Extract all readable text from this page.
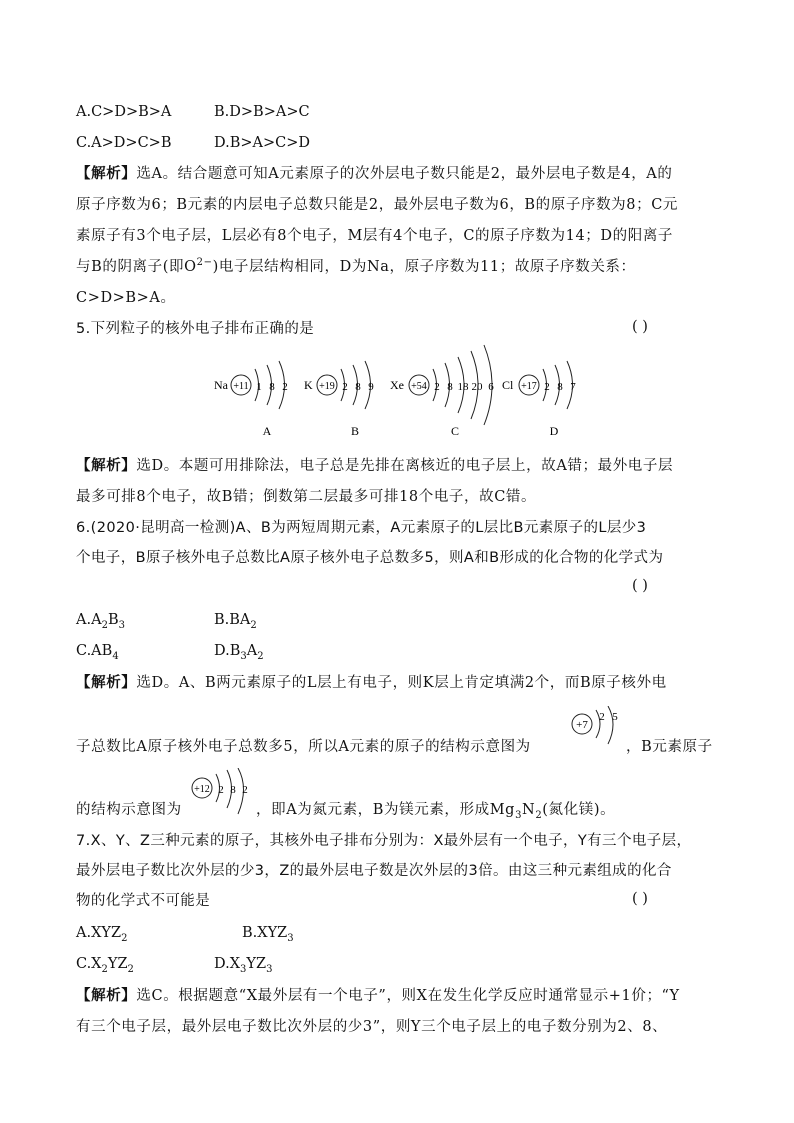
A.C>D>B>A	B.D>B>A>C
C.A>D>C>B	D.B>A>C>D
【解析】选A。结合题意可知A元素原子的次外层电子数只能是2，最外层电子数是4，A的
原子序数为6；B元素的内层电子总数只能是2，最外层电子数为6，B的原子序数为8；C元
素原子有3个电子层，L层必有8个电子，M层有4个电子，C的原子序数为14；D的阳离子
与B的阴离子(即$O^{2-}$)电子层结构相同，D为Na，原子序数为11；故原子序数关系：
C>D>B>A。
5.下列粒子的核外电子排布正确的是	( )
Na +11 1 8 2
A
K +19 2 8 9
B
Xe +54 2 8 18 20 6
C
Cl +17 2 8 7
D
【解析】选D。本题可用排除法，电子总是先排在离核近的电子层上，故A错；最外电子层
最多可排8个电子，故B错；倒数第二层最多可排18个电子，故C错。
6.(2020·昆明高一检测)A、B为两短周期元素，A元素原子的L层比B元素原子的L层少3
个电子，B原子核外电子总数比A原子核外电子总数多5，则A和B形成的化合物的化学式为
( )
$A.A_2B_3$	$B.BA_2$
$C.AB_4$	$D.B_3A_2$
【解析】选D。A、B两元素原子的L层上有电子，则K层上肯定填满2个，而B原子核外电
子总数比A原子核外电子总数多5，所以A元素的原子的结构示意图为
+7
2 5
，B元素原子
的结构示意图为
+12 2 8 2
，即A为氮元素，B为镁元素，形成$Mg_3N_2$(氮化镁)。
7.X、Y、Z三种元素的原子，其核外电子排布分别为：X最外层有一个电子，Y有三个电子层，
最外层电子数比次外层的少3，Z的最外层电子数是次外层的3倍。由这三种元素组成的化合
物的化学式不可能是	( )
$A.XYZ_2$	$B.XYZ_3$
$C.X_2YZ_2$	$D.X_3YZ_3$
【解析】选C。根据题意“X最外层有一个电子”，则X在发生化学反应时通常显示+1价；“Y
有三个电子层，最外层电子数比次外层的少3”，则Y三个电子层上的电子数分别为2、8、
